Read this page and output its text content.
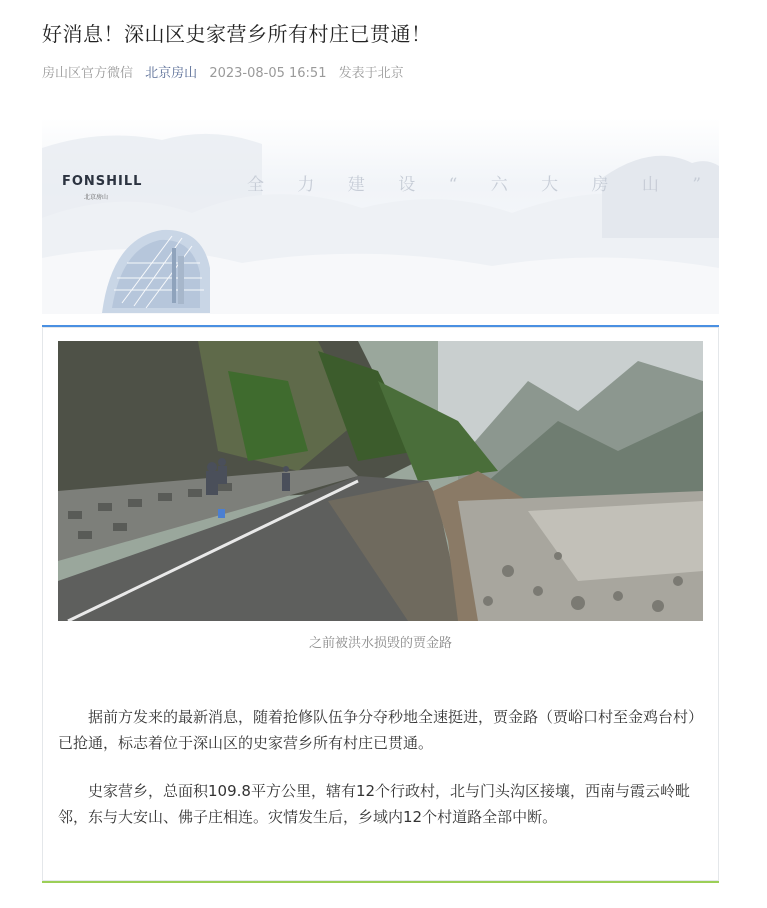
好消息！深山区史家营乡所有村庄已贯通！
房山区官方微信 北京房山 2023-08-05 16:51 发表于北京
FONSHILL
北京房山
全 力 建 设 “ 六 大 房 山 ”
之前被洪水损毁的贾金路

据前方发来的最新消息，随着抢修队伍争分夺秒地全速挺进，贾金路（贾峪口村至金鸡台村）已抢通，标志着位于深山区的史家营乡所有村庄已贯通。

史家营乡，总面积109.8平方公里，辖有12个行政村，北与门头沟区接壤，西南与霞云岭毗邻，东与大安山、佛子庄相连。灾情发生后，乡域内12个村道路全部中断。
